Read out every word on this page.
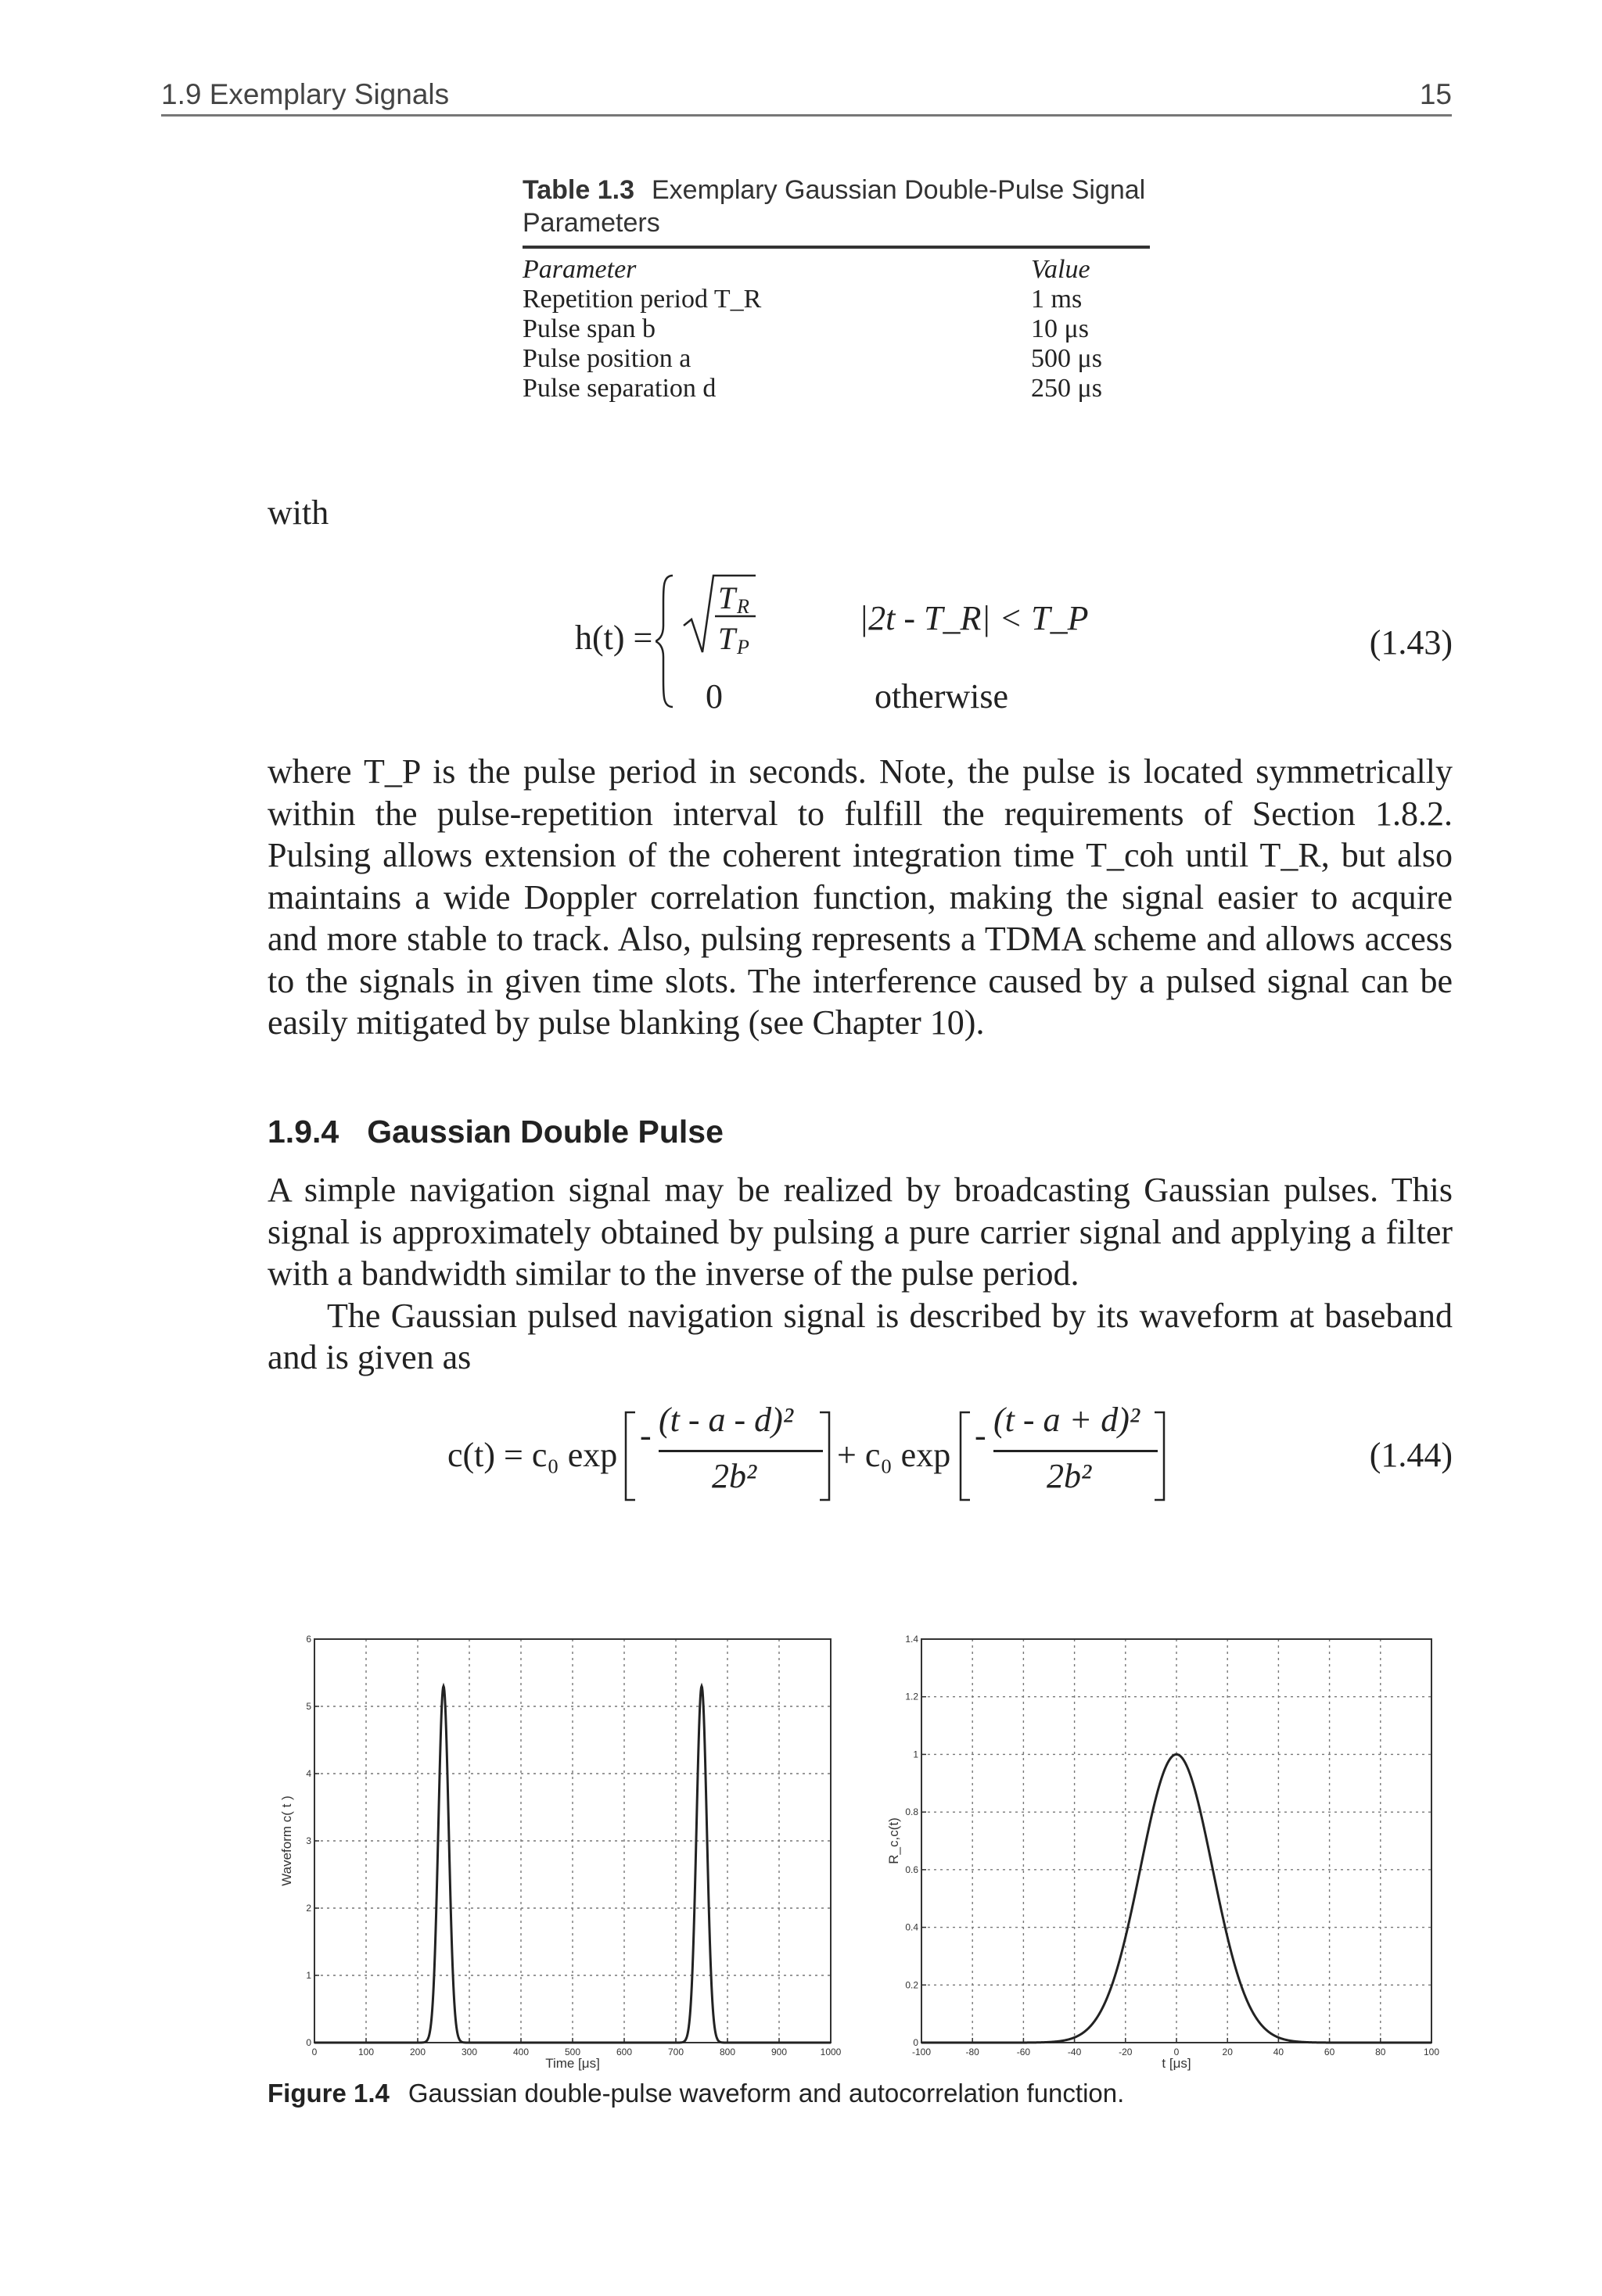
1.9 Exemplary Signals	15
Table 1.3 Exemplary Gaussian Double-Pulse Signal Parameters
Parameter	Value
Repetition period T_R	1 ms
Pulse span b	10 μs
Pulse position a	500 μs
Pulse separation d	250 μs
with
h(t) =
T R
T P
|2t - T_R| < T_P
0	otherwise
(1.43)
where T_P is the pulse period in seconds. Note, the pulse is located symmetrically within the pulse-repetition interval to fulfill the requirements of Section 1.8.2. Pulsing allows extension of the coherent integration time T_coh until T_R, but also maintains a wide Doppler correlation function, making the signal easier to acquire and more stable to track. Also, pulsing represents a TDMA scheme and allows access to the signals in given time slots. The interference caused by a pulsed signal can be easily mitigated by pulse blanking (see Chapter 10).
1.9.4 Gaussian Double Pulse
A simple navigation signal may be realized by broadcasting Gaussian pulses. This signal is approximately obtained by pulsing a pure carrier signal and applying a filter with a bandwidth similar to the inverse of the pulse period.
The Gaussian pulsed navigation signal is described by its waveform at baseband and is given as
c(t) = c₀ exp
- (t - a - d)²
2b²
+ c₀ exp
- (t - a + d)²
2b²
(1.44)
0	100	200	300	400	500	600	700	800	900	1000
0
1
2
3
4
5
6
Time [μs]
Waveform c( t )
-100	-80	-60	-40	-20	0	20	40	60	80	100
0
0.2
0.4
0.6
0.8
1
1.2
1.4
t [μs]
R_c,c(t)
Figure 1.4 Gaussian double-pulse waveform and autocorrelation function.
